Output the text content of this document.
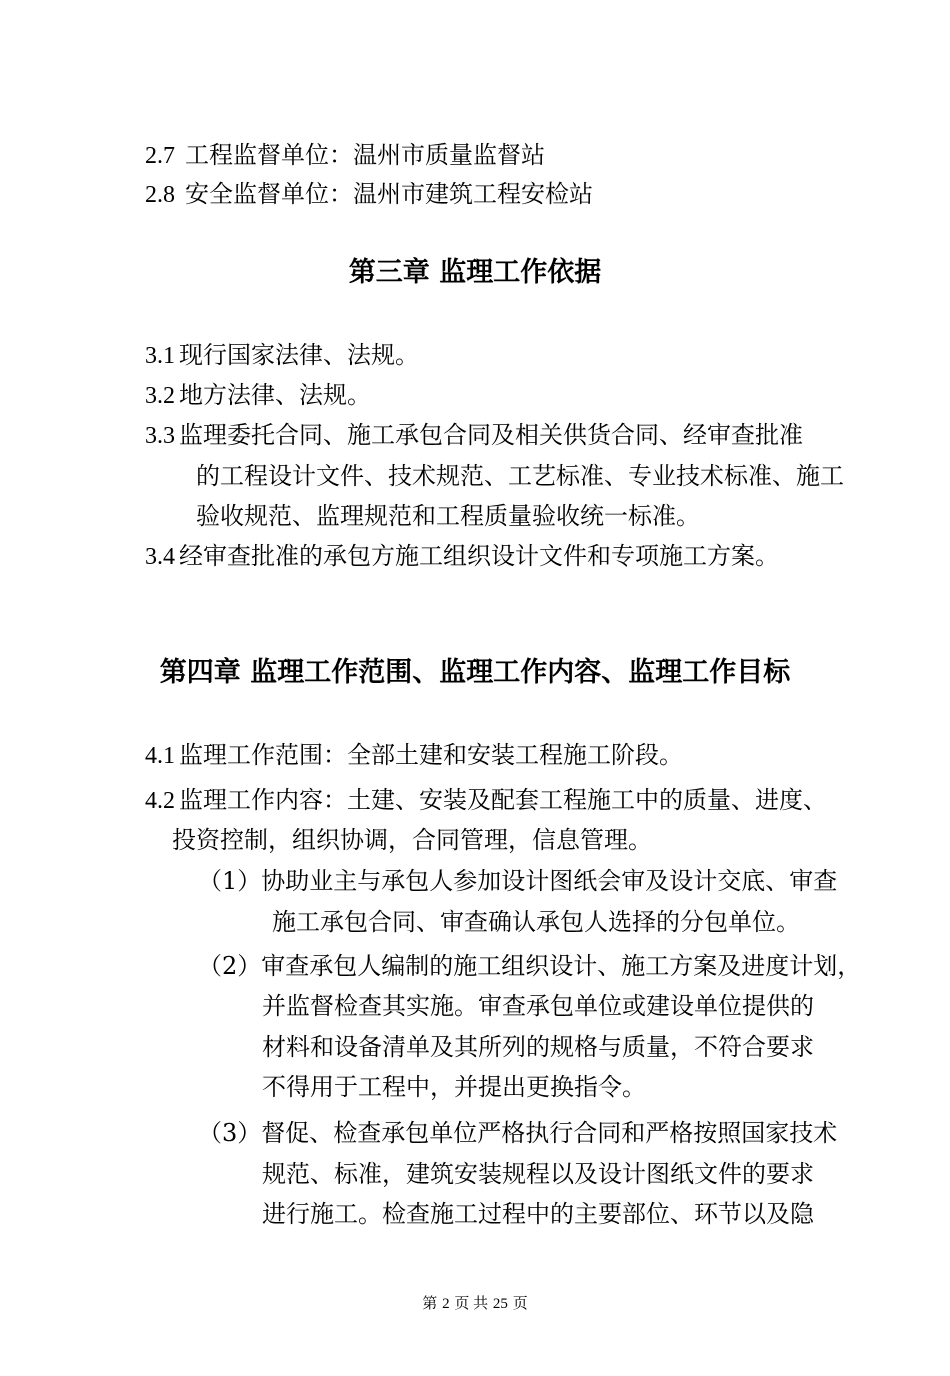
2.7 工程监督单位：温州市质量监督站
2.8 安全监督单位：温州市建筑工程安检站
第三章 监理工作依据
3.1 现行国家法律、法规。
3.2 地方法律、法规。
3.3 监理委托合同、施工承包合同及相关供货合同、经审查批准
的工程设计文件、技术规范、工艺标准、专业技术标准、施工
验收规范、监理规范和工程质量验收统一标准。
3.4 经审查批准的承包方施工组织设计文件和专项施工方案。
第四章 监理工作范围、监理工作内容、监理工作目标
4.1 监理工作范围：全部土建和安装工程施工阶段。
4.2 监理工作内容：土建、安装及配套工程施工中的质量、进度、
投资控制，组织协调，合同管理，信息管理。
（1）协助业主与承包人参加设计图纸会审及设计交底、审查
施工承包合同、审查确认承包人选择的分包单位。
（2）审查承包人编制的施工组织设计、施工方案及进度计划，
并监督检查其实施。审查承包单位或建设单位提供的
材料和设备清单及其所列的规格与质量，不符合要求
不得用于工程中，并提出更换指令。
（3）督促、检查承包单位严格执行合同和严格按照国家技术
规范、标准，建筑安装规程以及设计图纸文件的要求
进行施工。检查施工过程中的主要部位、环节以及隐
第 2 页 共 25 页
